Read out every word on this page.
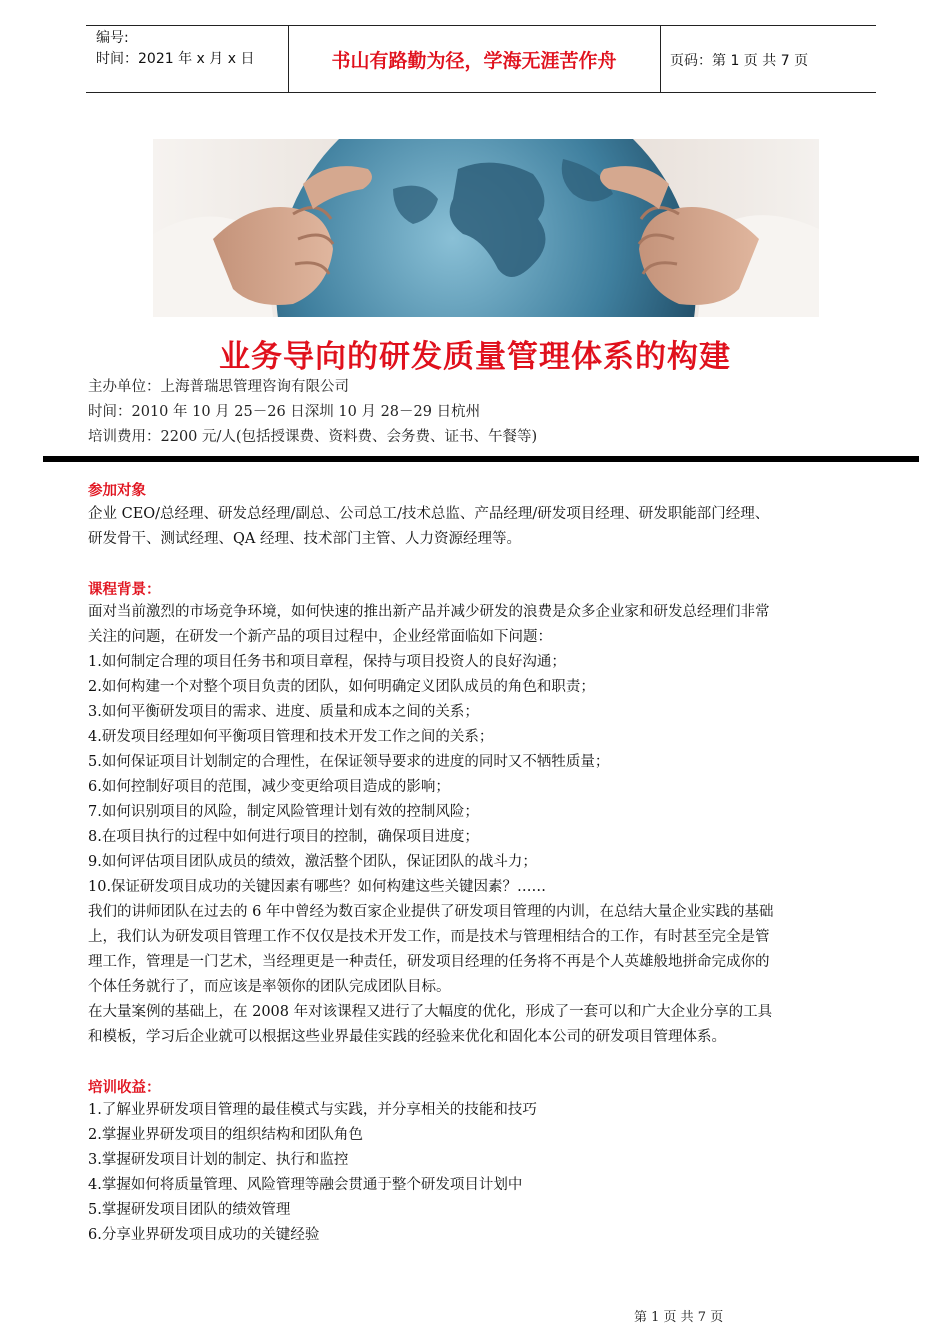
编号:
时间：2021 年 x 月 x 日	书山有路勤为径，学海无涯苦作舟	页码：第 1 页 共 7 页
业务导向的研发质量管理体系的构建
主办单位：上海普瑞思管理咨询有限公司
时间：2010 年 10 月 25－26 日深圳 10 月 28－29 日杭州
培训费用：2200 元/人(包括授课费、资料费、会务费、证书、午餐等)
参加对象
企业 CEO/总经理、研发总经理/副总、公司总工/技术总监、产品经理/研发项目经理、研发职能部门经理、
研发骨干、测试经理、QA 经理、技术部门主管、人力资源经理等。
课程背景：
面对当前激烈的市场竞争环境，如何快速的推出新产品并减少研发的浪费是众多企业家和研发总经理们非常
关注的问题，在研发一个新产品的项目过程中，企业经常面临如下问题：
1.如何制定合理的项目任务书和项目章程，保持与项目投资人的良好沟通；
2.如何构建一个对整个项目负责的团队，如何明确定义团队成员的角色和职责；
3.如何平衡研发项目的需求、进度、质量和成本之间的关系；
4.研发项目经理如何平衡项目管理和技术开发工作之间的关系；
5.如何保证项目计划制定的合理性，在保证领导要求的进度的同时又不牺牲质量；
6.如何控制好项目的范围，减少变更给项目造成的影响；
7.如何识别项目的风险，制定风险管理计划有效的控制风险；
8.在项目执行的过程中如何进行项目的控制，确保项目进度；
9.如何评估项目团队成员的绩效，激活整个团队，保证团队的战斗力；
10.保证研发项目成功的关键因素有哪些？如何构建这些关键因素？……
我们的讲师团队在过去的 6 年中曾经为数百家企业提供了研发项目管理的内训，在总结大量企业实践的基础
上，我们认为研发项目管理工作不仅仅是技术开发工作，而是技术与管理相结合的工作，有时甚至完全是管
理工作，管理是一门艺术，当经理更是一种责任，研发项目经理的任务将不再是个人英雄般地拼命完成你的
个体任务就行了，而应该是率领你的团队完成团队目标。
在大量案例的基础上，在 2008 年对该课程又进行了大幅度的优化，形成了一套可以和广大企业分享的工具
和模板，学习后企业就可以根据这些业界最佳实践的经验来优化和固化本公司的研发项目管理体系。
培训收益：
1.了解业界研发项目管理的最佳模式与实践，并分享相关的技能和技巧
2.掌握业界研发项目的组织结构和团队角色
3.掌握研发项目计划的制定、执行和监控
4.掌握如何将质量管理、风险管理等融会贯通于整个研发项目计划中
5.掌握研发项目团队的绩效管理
6.分享业界研发项目成功的关键经验
第 1 页 共 7 页
